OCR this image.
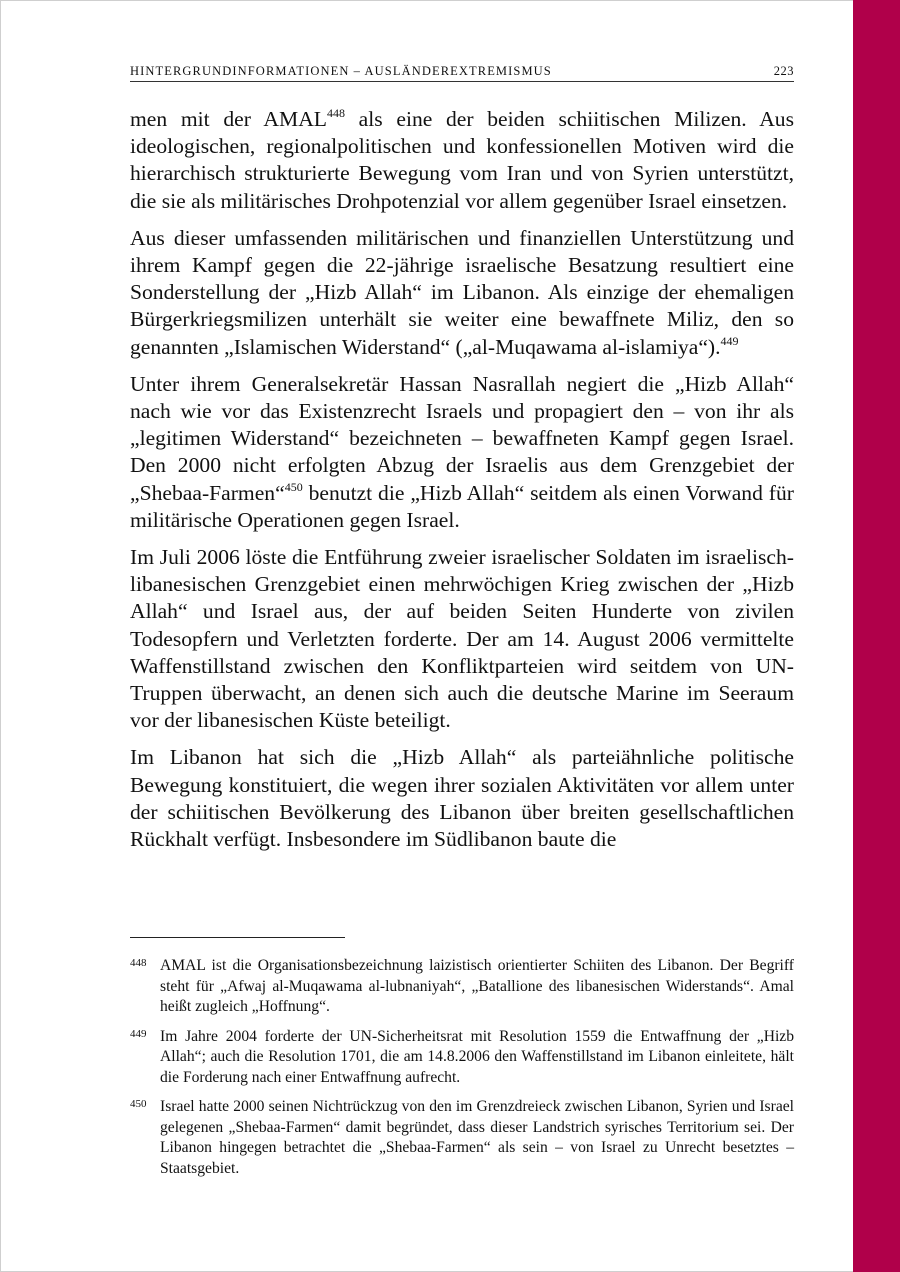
HINTERGRUNDINFORMATIONEN – AUSLÄNDEREXTREMISMUS	223

men mit der AMAL$^{448}$ als eine der beiden schiitischen Milizen. Aus ideologischen, regionalpolitischen und konfessionellen Motiven wird die hierarchisch strukturierte Bewegung vom Iran und von Syrien unterstützt, die sie als militärisches Drohpotenzial vor allem gegenüber Israel einsetzen.

Aus dieser umfassenden militärischen und finanziellen Unterstützung und ihrem Kampf gegen die 22-jährige israelische Besatzung resultiert eine Sonderstellung der „Hizb Allah“ im Libanon. Als einzige der ehemaligen Bürgerkriegsmilizen unterhält sie weiter eine bewaffnete Miliz, den so genannten „Islamischen Widerstand“ („al-Muqawama al-islamiya“).$^{449}$

Unter ihrem Generalsekretär Hassan Nasrallah negiert die „Hizb Allah“ nach wie vor das Existenzrecht Israels und propagiert den – von ihr als „legitimen Widerstand“ bezeichneten – bewaffneten Kampf gegen Israel. Den 2000 nicht erfolgten Abzug der Israelis aus dem Grenzgebiet der „Shebaa-Farmen“$^{450}$ benutzt die „Hizb Allah“ seitdem als einen Vorwand für militärische Operationen gegen Israel.

Im Juli 2006 löste die Entführung zweier israelischer Soldaten im israelisch-libanesischen Grenzgebiet einen mehrwöchigen Krieg zwischen der „Hizb Allah“ und Israel aus, der auf beiden Seiten Hunderte von zivilen Todesopfern und Verletzten forderte. Der am 14. August 2006 vermittelte Waffenstillstand zwischen den Konfliktparteien wird seitdem von UN-Truppen überwacht, an denen sich auch die deutsche Marine im Seeraum vor der libanesischen Küste beteiligt.

Im Libanon hat sich die „Hizb Allah“ als parteiähnliche politische Bewegung konstituiert, die wegen ihrer sozialen Aktivitäten vor allem unter der schiitischen Bevölkerung des Libanon über breiten gesellschaftlichen Rückhalt verfügt. Insbesondere im Südlibanon baute die

448 AMAL ist die Organisationsbezeichnung laizistisch orientierter Schiiten des Libanon. Der Begriff steht für „Afwaj al-Muqawama al-lubnaniyah“, „Batallione des libanesischen Widerstands“. Amal heißt zugleich „Hoffnung“.
449 Im Jahre 2004 forderte der UN-Sicherheitsrat mit Resolution 1559 die Entwaffnung der „Hizb Allah“; auch die Resolution 1701, die am 14.8.2006 den Waffenstillstand im Libanon einleitete, hält die Forderung nach einer Entwaffnung aufrecht.
450 Israel hatte 2000 seinen Nichtrückzug von den im Grenzdreieck zwischen Libanon, Syrien und Israel gelegenen „Shebaa-Farmen“ damit begründet, dass dieser Landstrich syrisches Territorium sei. Der Libanon hingegen betrachtet die „Shebaa-Farmen“ als sein – von Israel zu Unrecht besetztes – Staatsgebiet.
